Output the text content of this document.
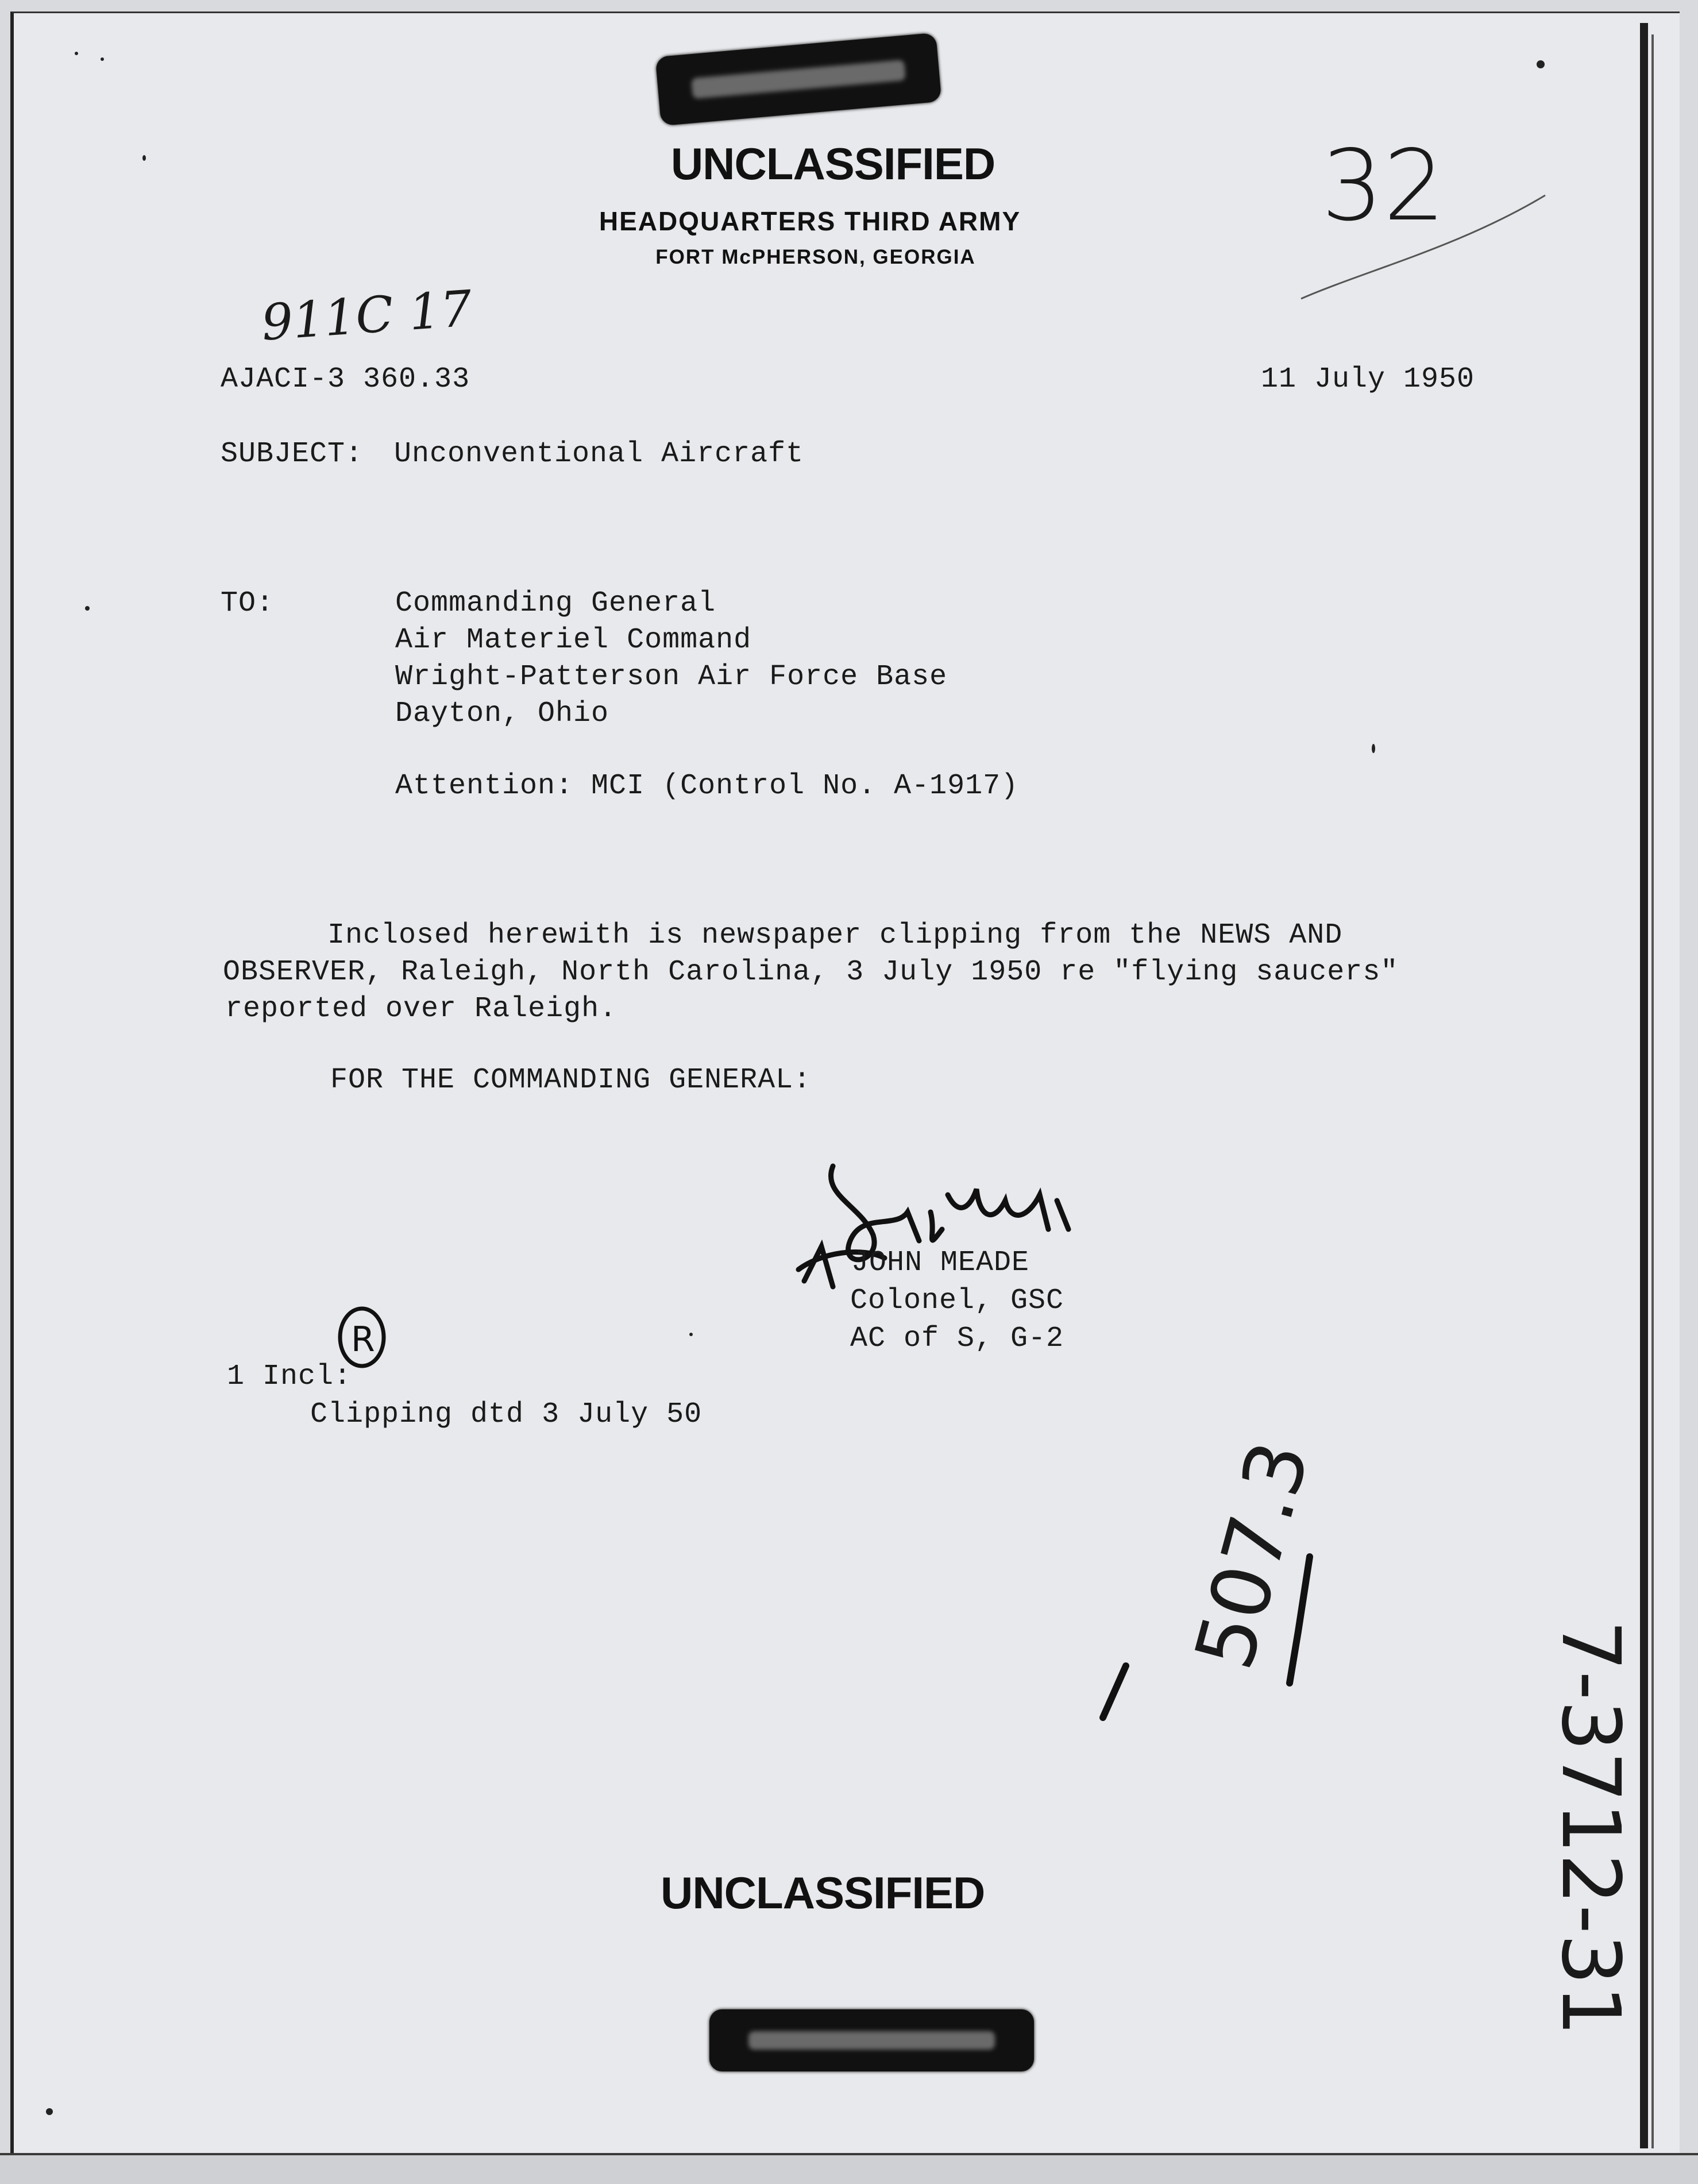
UNCLASSIFIED
HEADQUARTERS THIRD ARMY
FORT McPHERSON, GEORGIA
911C 17
32
AJACI-3 360.33	11 July 1950
SUBJECT: Unconventional Aircraft
TO:	Commanding General
Air Materiel Command
Wright-Patterson Air Force Base
Dayton, Ohio
Attention: MCI (Control No. A-1917)
Inclosed herewith is newspaper clipping from the NEWS AND
OBSERVER, Raleigh, North Carolina, 3 July 1950 re "flying saucers"
reported over Raleigh.
FOR THE COMMANDING GENERAL:
JOHN MEADE
Colonel, GSC
AC of S, G-2
R
1 Incl:
Clipping dtd 3 July 50
507.3
7-3712-31
UNCLASSIFIED
